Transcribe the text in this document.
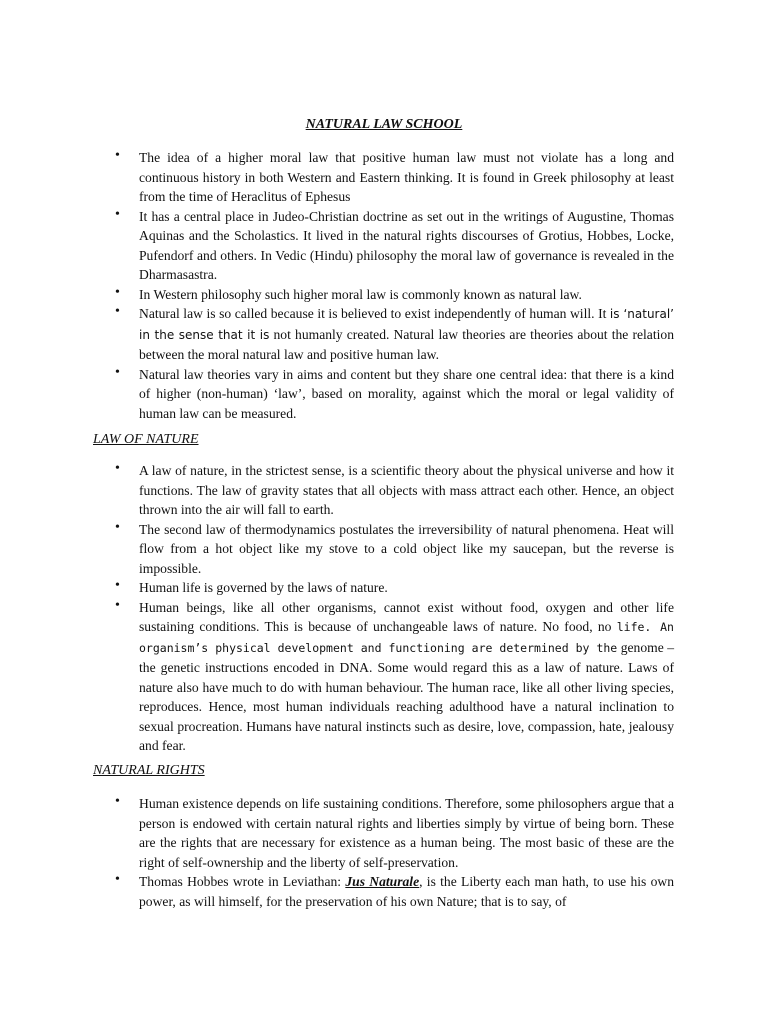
NATURAL LAW SCHOOL
• The idea of a higher moral law that positive human law must not violate has a long and continuous history in both Western and Eastern thinking. It is found in Greek philosophy at least from the time of Heraclitus of Ephesus
• It has a central place in Judeo-Christian doctrine as set out in the writings of Augustine, Thomas Aquinas and the Scholastics. It lived in the natural rights discourses of Grotius, Hobbes, Locke, Pufendorf and others. In Vedic (Hindu) philosophy the moral law of governance is revealed in the Dharmasastra.
• In Western philosophy such higher moral law is commonly known as natural law.
• Natural law is so called because it is believed to exist independently of human will. It is ‘natural’ in the sense that it is not humanly created. Natural law theories are theories about the relation between the moral natural law and positive human law.
• Natural law theories vary in aims and content but they share one central idea: that there is a kind of higher (non-human) ‘law’, based on morality, against which the moral or legal validity of human law can be measured.
LAW OF NATURE
• A law of nature, in the strictest sense, is a scientific theory about the physical universe and how it functions. The law of gravity states that all objects with mass attract each other. Hence, an object thrown into the air will fall to earth.
• The second law of thermodynamics postulates the irreversibility of natural phenomena. Heat will flow from a hot object like my stove to a cold object like my saucepan, but the reverse is impossible.
• Human life is governed by the laws of nature.
• Human beings, like all other organisms, cannot exist without food, oxygen and other life sustaining conditions. This is because of unchangeable laws of nature. No food, no life. An organism’s physical development and functioning are determined by the genome – the genetic instructions encoded in DNA. Some would regard this as a law of nature. Laws of nature also have much to do with human behaviour. The human race, like all other living species, reproduces. Hence, most human individuals reaching adulthood have a natural inclination to sexual procreation. Humans have natural instincts such as desire, love, compassion, hate, jealousy and fear.
NATURAL RIGHTS
• Human existence depends on life sustaining conditions. Therefore, some philosophers argue that a person is endowed with certain natural rights and liberties simply by virtue of being born. These are the rights that are necessary for existence as a human being. The most basic of these are the right of self-ownership and the liberty of self-preservation.
• Thomas Hobbes wrote in Leviathan: Jus Naturale, is the Liberty each man hath, to use his own power, as will himself, for the preservation of his own Nature; that is to say, of
